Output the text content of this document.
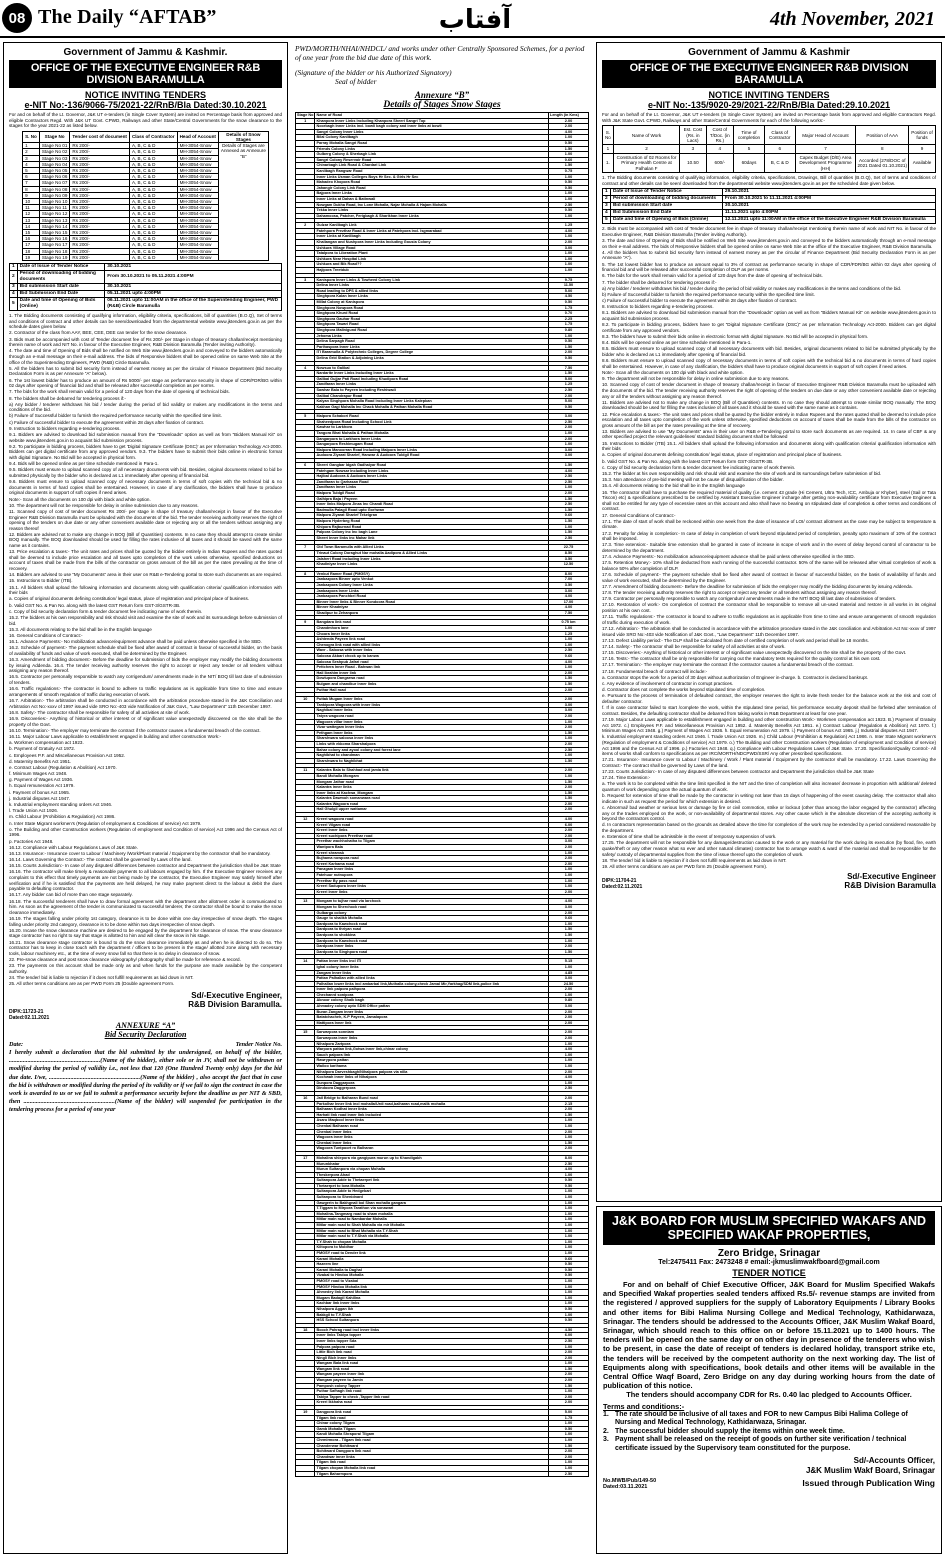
08 The Daily “AFTAB”	آفتاب	4th November, 2021
Government of Jammu & Kashmir.
OFFICE OF THE EXECUTIVE ENGINEER R&B DIVISION BARAMULLA
NOTICE INVITING TENDERS
e-NIT No:-136/9066-75/2021-22/RnB/Bla Dated:30.10.2021
For and on behalf of the Lt. Governor, J&K UT e-tenders (in Single Cover System) are invited on Percentage basis from approved and eligible Contractors Regd. With J&K UT Govt. CPWD, Railways and other State/Central Governments for the snow clearance to the stages for the year 2021-22 as listed below.
S. No	Stage No	Tender cost of document	Class of Contractor	Head of Account	Details of Snow Stages
1	Stage No 01	Rs 200/-	A, B, C & D	MH-3054-Snow	Details of Stages are Annexed as Annexure “B”
2	Stage No 02	Rs 200/-	A, B, C & D	MH-3054-Snow	
3	Stage No 03	Rs 200/-	A, B, C & D	MH-3054-Snow	
4	Stage No 04	Rs 200/-	A, B, C & D	MH-3054-Snow	
5	Stage No 05	Rs 200/-	A, B, C & D	MH-3054-Snow	
6	Stage No 06	Rs 200/-	A, B, C & D	MH-3054-Snow	
7	Stage No 07	Rs 200/-	A, B, C & D	MH-3054-Snow	
8	Stage No 08	Rs 200/-	A, B, C & D	MH-3054-Snow	
9	Stage No 09	Rs 200/-	A, B, C & D	MH-3054-Snow	
10	Stage No 10	Rs 200/-	A, B, C & D	MH-3054-Snow	
11	Stage No 11	Rs 200/-	A, B, C & D	MH-3054-Snow	
12	Stage No 12	Rs 200/-	A, B, C & D	MH-3054-Snow	
13	Stage No 13	Rs 200/-	A, B, C & D	MH-3054-Snow	
14	Stage No 14	Rs 200/-	A, B, C & D	MH-3054-Snow	
15	Stage No 15	Rs 200/-	A, B, C & D	MH-3054-Snow	
16	Stage No 16	Rs 200/-	A, B, C & D	MH-3054-Snow	
17	Stage No 17	Rs 200/-	A, B, C & D	MH-3054-Snow	
18	Stage No 18	Rs 200/-	A, B, C & D	MH-3054-Snow	
19	Stage No 19	Rs 200/-	A, B, C & D	MH-3054-Snow	
1	Date of Issue of Tender Notice	30.10.2021
2	Period of downloading of bidding documents	From 30.10.2021 to 05.11.2021 4:00PM
3	Bid submission Start date	30.10.2021
4	Bid Submission End Date	05.11.2021 upto 4:00PM
5	Date and time of Opening of Bids (Online)	06.11.2021 upto 11:00AM in the office of the Superintending Engineer, PWD (R&B) Circle Baramulla

1. The Bidding documents consisting of qualifying information, eligibility criteria, specifications, bill of quantities (B.O.Q), Set of terms and conditions of contract and other details can be seen/downloaded from the departmental website www.jktenders.gov.in as per the schedule dates given below.

2. Contractor of the class from AAY, BEE, CEE, DEE can tender for the snow clearance.

3. Bids must be accompanied with cost of Tender document fee of Rs 200/- per Stage in shape of treasury challan/receipt mentioning therein name of work and NIT No. in favour of the Executive Engineer, R&B Division Baramulla (Tender inviting Authority).

4. The date and time of Opening of Bids shall be notified on Web Site www.jktenders.gov.in and conveyed to the bidders automatically through an e-mail message on their e-mail address. The bids of Responsive bidders shall be opened online on same Web Site at the office of the Superintending Engineers, PWD (R&B) Circle Baramulla.

5. All the bidders has to submit bid security form instead of earnest money as per the circular of Finance Department (Bid Security Declaration Form is as per Annexure “A” below).

6. The 1st lowest bidder has to produce an amount of Rs 5000/- per stage as performance security in shape of CDR/FDR/BG within 02 days after opening of financial bid and shall be released after successful completion as per norms.

7. The bids for the work shall remain valid for a period of 120 days from the date of opening of technical bids.

8. The bidders shall be debarred for tendering process if:-

a) Any bidder / tenderer withdraws his bid / tender during the period of bid validity or makes any modifications in the terms and conditions of the bid.

b) Failure of Successful bidder to furnish the required performance security within the specified time limit.

c) Failure of successful bidder to execute the agreement within 28 days after fixation of contract.

9. Instruction to bidders regarding e-tendering process.

9.1. Bidders are advised to download bid submission manual from the “Downloads” option as well as from “Bidders Manual Kit” on website www.jktenders.gov.in to acquaint bid submission process.

9.2. To participate in bidding process, bidders have to get 'Digital Signature Certificate (DSC)' as per Information Technology Act-2000. Bidders can get digital certificate from any approved vendors. 9.3. The bidders have to submit their bids online in electronic format with digital Signature. No Bid will be accepted in physical form.

9.4. Bids will be opened online as per time schedule mentioned in Para-1.

9.5. Bidders must ensure to upload scanned copy of all necessary documents with bid. Besides, original documents related to bid be submitted physically by the bidder who is declared as L1 immediately after opening of financial bid.

9.6. Bidders must ensure to upload scanned copy of necessary documents in terms of soft copies with the technical bid & no documents in terms of hard copies shall be entertained. However, in case of any clarification, the bidders shall have to produce original documents in support of soft copies if need arises.

Note:- Scan all the documents on 100 dpi with black and white option.

10. The department will not be responsible for delay in online submission due to any reasons.

11. Scanned copy of cost of tender document Rs 200/- per stage in shape of treasury challan/receipt in favour of the Executive Engineer R&B Division Baramulla must be uploaded with the documents of the bid. The tender receiving authority reserves the right of opening of the tenders on due date or any other convenient available date or rejecting any or all the tenders without assigning any reason thereof

12. Bidders are advised not to make any change in BOQ (Bill of Quantities) contents. In no case they should attempt to create similar BOQ manually. The BOQ downloaded should be used for filling the rates inclusive of all taxes and it should be saved with the same name as it contains.

13. Price escalation & taxes:- The unit rates and prices shall be quoted by the bidder entirely in Indian Rupees and the rates quoted shall be deemed to include price escalation and all taxes upto completion of the work unless otherwise, specified deductions on account of taxes shall be made from the bills of the contractor on gross amount of the bill as per the rates prevailing at the time of recovery.

14. Bidders are advised to use “My Documents” area in their user on R&B e-Tendering portal to store such documents as are required.

15. Instructions to Bidder (ITB).

15.1. All bidders shall upload the following information and documents along with qualification criteria/ qualification information with their bids

a. Copies of original documents defining constitution/ legal status, place of registration and principal place of business.

b. Valid GST No. & Pan No. along with the latest GST Return form GST-3/GSTR-3B.

c. Copy of bid security declaration form & tender document fee indicating name of work therein.

15.2. The bidders at his own responsibility and risk should visit and examine the site of work and its surroundings before submission of bid.

15.3. All documents relating to the bid shall be in the English language

16. General Conditions of Contract:-

16.1. Advance Payments:- No mobilization advance/equipment advance shall be paid unless otherwise specified in the SBD.

16.2. Schedule of payment:- The payment schedule shall be fixed after award of contract in favour of successful bidder, on the basis of availability of funds and value of work executed, shall be determined by the Engineer.

16.3. Amendment of bidding document:- Before the deadline for submission of bids the employer may modify the bidding documents by issuing Addenda. 16.4. The tender receiving authority reserves the right to accept or reject any tender or all tenders without assigning any reason thereof.

16.5. Contractor per personally responsible to watch any corrigendum/ amendments made in the NIT/ BOQ till last date of submission of tenders.

16.6. Traffic regulations:- The contractor is bound to adhere to traffic regulations as is applicable from time to time and ensure arrangements of smooth regulation of traffic during execution of work.

16.7. Arbitration:- The arbitration shall be conducted in accordance with the arbitration procedure stated in the J&K Conciliation and Arbitration Act No:-xxxv of 1997 issued vide SRO No:-403 vide Notification of J&K Govt., “Law Department” 11th December 1997.

16.8. Safety:- The contractor shall be responsible for safety of all activities at site of work.

16.9. Discoveries:- Anything of historical or other interest or of significant value unexpectedly discovered on the site shall be the property of the Govt.

16.10. Termination:- The employer may terminate the contract if the contractor causes a fundamental breach of the contract.

16.11. Major Labour Laws applicable to establishment engaged in building and other construction Work:-

a. Workmen compensation act 1923.

b. Payment of Gratuity Act 1972.

c. Employees P.F. and Miscellaneous Provision Act 1952.

d. Maternity Benefits Act 1951.

e. Contract Labour (Regulation & Abolition) Act 1970.

f. Minimum Wages Act 1948.

g. Payment of Wages Act 1936.

h. Equal remuneration Act 1979.

i. Payment of bonus Act 1965.

j. Industrial disputes Act 1947.

k. Industrial employment standing orders Act 1946.

l. Trade Union Act 1926.

m. Child Labour (Prohibition & Regulation) Act 1986.

n. Inter State Migrant workmen's (Regulation of employment & Conditions of service) Act 1979.

o. The Building and other Construction workers (Regulation of employment and Condition of service) Act 1996 and the Census Act of 1996.

p. Factories Act 1948.

16.12. Compliance with Labour Regulations Laws of J&K State.

16.13. Insurance:- Insurance cover to Labour / Machinery /Work/Plant material / Equipment by the contractor shall be mandatory.

16.14. Laws Governing the Contract:- The contract shall be governed by Laws of the land.

16.15. Courts Jurisdiction:- In case of any disputes/ differences between contractor and Department the jurisdiction shall be J&K State

16.16. The contractor will make timely & reasonable payments to all labours engaged by him. If the Executive Engineer receives any complaint to this effect that timely payments are not being made by the contractor, the Executive Engineer may satisfy himself after verification and if he is satisfied that the payments are held delayed, he may make payment direct to the labour & debit the dues payable to defaulting contractor.

16.17. Any bidder can bid of more than one stage separately.

16.18. The successful tenderers shall have to draw formal agreement with the department after allotment order is communicated to him. As soon as the agreement of the tender is communicated to successful tenderer, the contractor shall be bound to make the snow clearance immediately.

16.19. The stages falling under priority 1st category, clearance is to be done within one day irrespective of snow depth. The stages falling under priority 2nd category, clearance is to be done within two days irrespective of snow depth.

16.20. Incase the snow clearance machine are desired to be engaged by the department for clearance of snow. The snow clearance stage contractor has no right to say that stage is allotted to him and will clear the snow in his stage.

16.21. Snow clearance stage contractor is bound to do the snow clearance immediately as and when he is directed to do so. The contractor has to keep in close touch with the department / officers to be present in the stage/ allotted zone along with necessary tools, labour machinery etc., at the time of every snow fall so that there is no delay in clearance of snow.

22. Pre-snow clearance and post snow clearance videography/ photography shall be made for reference & record.

23. The payments on this account shall be made only as and when funds for the purpose are made available by the competent authority.

24. The tender/ bid is liable to rejection if it does not fulfill requirements as laid down in NIT.

25. All other terms conditions are as per PWD Form 25 (Double agreement Form.

Sd/-Executive Engineer,
R&B Division Baramulla.
DIPK:11723-21
Dated:02.11.2021
ANNEXURE “A”
Bid Security Declaration
Date:	Tender Notice No.
I hereby submit a declaration that the bid submitted by the undersigned, on behalf of the bidder, ...........................................................(Name of the bidder), either sole or in JV, shall not be withdrawn or modified during the period of validity i.e., not less that 120 (One Hundred Twenty only) days for the bid due date. I/we, ...........................................................(Name of the bidder) , also accept the fact that in case the bid is withdrawn or modified during the period of its validity or if we fail to sign the contract in case the work is awarded to us or we fail to submit a performance security before the deadline as per NIT & SBD, then ...........................................................(Name of the bidder) will suspended for participation in the tendering process for a period of one year
PWD/MORTH/NHAI/NHDCL/ and works under other Centrally Sponsored Schemes, for a period of one year from the bid due date of this work.
(Signature of the bidder or his Authorized Signatory)
Seal of bidder
Annexure “B”
Details of Stages Snow Stages
Stage No	Name of Road	Length (in Kms)
1	Khanpora Inner Links Including Khanpora Sheeri Sangri Top	2.00
	Noorbagh Inner Links incl. bowli bagh colony and inner links at bowli	2.00
	Sangri Colony Inner Links	4.00
	Bilal Colony Kanlibagh	1.00
	Parray Mohalla Sangri Road	0.50
	Friends Colony Links	1.50
	Gulberg Colony & Sherbagh Link	1.00
	Sangri Colony Reservoir Road	0.60
	Chinarbagh Link Road & Chardari Link	1.50
	Kanlibagh Rangwar Road	0.75
	Inner Links Usman Colleges Boys Hr Sec. & Girls Hr Sec	1.00
	Mahadeo Khopora Road	0.50
	Jahangir Colony Link Road	0.50
	Bajpora Inner Links	1.00
	Inner Links at Dahan & Batinwali	1.00
	Nowgam Dukha Road, Inc Lone Mohalla, Najar Mohalla & Hajam Mohalla	2.50
	Tekka Inner Links	0.50
	Dahamoosa, Patcher, Ferigbagh & Sharikhan Inner Links	1.00

2	Gulzar Kanlibagh Link	1.25
	Fatehpora Prezthar Road & Inner Links at Fatehpora incl. Isgmarabad	4.00
	Inner Links at Kanlibagh	1.00
	Khaliangan and Nushpora Inner Links Including Gousia Colony	2.00
	Ushkura Village Road	3.00
	Tatalpora to Liberation Plant	1.00
	Ushkura Near Hospital Link	1.00
	Ushkura and Bik Road??	1.00
	Hajipora Treetdub	1.00

3	Kanispora Inner Links & Towheed Colony Link	9.75
	Delina Inner Links	11.50
	Road leading to DPS & allied links	5.00
	Singhpora Kalan Inner Links	4.50
	Millat Colony at Kanispora	0.50
	Singhpora Nowpora Road	1.75
	Singhpora Khurd Road	0.70
	Singhpora Gauhar Road	2.25
	Singhpora Tawari Road	1.75
	Singhpora Malinigund Road	0.80
	Jehoma Links	1.00
	Delina Sarpagh Road	0.50
	Parihaspora Inner Links	1.50
	ITI Baramulla & Polytechnic Colleges, Degree College	2.00
	Delina Grid Station & Adjoining Links	0.50

4	Nowsuo to Galibal	7.50
	Nardarite Inner Links Including Inner Links	1.50
	Galibal Gujjar Pati Road Including Khudipora Road	5.00
	Zandfaran Inner Links	1.25
	Sawhar Bala to Payeen Including Reshiwadi	2.50
	Galibal Chandrapur Road	2.00
	Kalyan Singhpora Mohalla Road Including Inner Links Kalepkan	5.00
	Kakhan Gagi Mohalla Inc Chack Mohalla & Pathan Mohalla Road	0.50

5	Malpora Schakori Road	3.00
	Shaheedpora Road Including School Link	2.50
	Kawhar to Larkhora	2.00
	Tangora Bhat Mohalla & Pathan Mohalla	1.00
	Dangarpora to Larkhora Inner Links	2.00
	Dangarpora Reshimugam Road	1.00
	Malpora Manoorran Road Including Malpora Inner Links	3.00
	Audoora Ziyarat Sharief, Hanwar & Audoora Tuldgil Road	3.00

6	Sheeri Gangbar Idgah Gadhaiyar Road	1.50
	Fatehgam Nowsar Including Inner Links	4.00
	Hajibal Audoora & Audoora Inner Links	2.50
	Zandfaran to Qarhasan Road	2.50
	Zandfaran Inner Links	1.00
	Malpora Tuldgil Road	2.00
	Galhipra Baja / Payeen	1.50
	Inner links Malpora Jinas Inc Chandi Road	2.50
	Badmulla Palagil Road upto Gorhwan	1.50
	Malpora Ziyarat Sharief Tekelgran	0.60
	Malpora Hyderbeg Road	1.50
	Khipora Rajburnad Road	1.00
	Palpora Colony inc Inc bagh Lane	1.50
	Sheeri Inner links inc Mahar link	2.50

7	Old Town Baramulla with Allied Links	22.75
	Trinaut Colony Doraghut Nar mohalla Aadipora & Allied Links	8.50
	Jalsheri Road including Inner Links	3.50
	Khadiniyar Inner Links	12.50

8	Venkut Ramer Road (PMGSY)	8.00
	Janbazpora Binner upto Venkut	7.00
	Janbazpora Colony Inner Links	3.50
	Janbazpora Inner Links	3.00
	Janbazpora Panchbel Road	4.00
	Binner Inner links & Binner Kondoora Road	17.00
	Binner Khadniyar	4.00
	Shadipur to Zehanpora	7.50

9	Bangdara link road	0.75 km
	Chandmhora lane	1.00
	Choora Inner links	1.25
	Ashtenda Payeen link road	1.00
	Chenogra link road with allied links	1.00
	Wavr - Saloosa with inner links	2.50
	Saloosa Akbari chock up to kanwa	0.60
	Saloosa Seshpub Jafari road	4.00
	Pettchera Inner Road - Bahwan link	1.00
	Hail Ibrahim inner link	2.00
	Dowlupora Dangarwa road	1.50
	Bulgam and chandkur inner links	1.50
	Puthar Hail road	2.00

10	Puttak Mugam Inner links	2.00
	Tankipora Wagoora with inner links	3.00
	Naghibai inner links	3.00
	Tatyra wagoora road	2.00
	Wagoora villar inner links	1.00
	Vizar wattegam inner links	2.00
	Pethgam Inner links	1.50
	Sharshwara saloosa inner links	1.00
	Links with ekkoma Sharshalpora	2.00
	Bahar colony and ayool colony and forest lane	2.50
	Naghibhat to chandman	1.00
	Sharshwara to Naghibhat	1.50

11	Kalantra Bala to Shahhad and jamia link	2.00
	Bandi Mohalla Mongam	1.00
	Mongam Jathar road	1.50
	Kalantra inner links	2.00
	Inner links at Kachwa_Mongam	1.50
	Kalantra Dawmoh somanwara road	1.50
	Kalantra Wagoora road	2.00
	Hail Ghulgil upper wattamar	2.00

12	Kreeri wagoora road	4.00
	Kreeri Vilgam road	6.00
	Kreeri Inner links	2.00
	Kreeri suchipora Preethar road	2.00
	Preethar wachhohatha to Tilgam	3.00
	Wantpora Bala	2.00
	Kreeri shramsk	1.00
	Bujhama nowpora road	2.00
	Kreeri Karhama road	2.00
	Panzgam Inner links	1.00
	Fatehuur nutnupora	1.00
	Preethar By pass road	1.00
	Kreeri Sadupora Inner links	1.00
	Kreeri Inner links	2.00

13	Mongam to tujhar road via larchock	4.00
	Mongam to Sherchock road	3.00
	Gulbarga colony	2.00
	Gauge to shalikh Mohalla	0.60
	Dardpora to Kawchock road	1.00
	Dardpora to thriyan road	1.50
	Dardpora to shokkina	1.50
	Dardpora to Kawchock road	1.00
	Dardpora Inner links	2.00
	Dardpora to Singhpora road	1.50

14	Pattan Inner links incl ITI	5.15
	Ighal colony inner links	1.00
	Zangam Inner links	4.85
	Pattan Palhallan with allied links	3.00
	Palhallan lower links incl ambarbal link,Muthalla colony,check Jamal Mir,Yarkhag/SDM link,police link	24.50
	Inner link palpora palhpora	2.00
	Chechanrd sonipora	1.00
	Aknoor colony Shalk bagh	0.80
	Ahmadey colony upto SDM Office pattan	3.00
	Buran Zangam inner links	2.00
	Batatchacheh, K.P Payeen, Jamalapora	2.00
	Mattipora Inner link	2.00

15	Sarwarpora sonniam	2.00
	Sarwarpora inner links	2.00
	Nihalpora Zartpora	1.00
	Warpora pattan link,Gotwa inner link,chinar colony	4.00
	Sauch palpora link	1.00
	Rawrypora pattan	1.00
	Wailoo karihama	1.00
	Nihalpora Darveshbagh/Nihalpora palpora via nilla	2.00
	Kochwah inner links of Nihalpora	4.00
	Dunpora Daggarpora	1.00
	Dindoora Daggerpora	2.50

16	Jail Bridge to Balharan Bund road	2.00
	Parkolhar Inner link incl mohalla/Urdi road,balharan road,malik mohalla	2.15
	Balharan Kodhat inner links	2.00
	Harhati link road inner link included	1.50
	Asaru Maqbool inner links	1.00
	Chenbal Balharan road	1.00
	Chenbal inner links	2.00
	Wagoora inner links	1.00
	Chenbal Inner links	1.50
	Wagoora Tuntpoort ro Balharan	2.00

17	Mohalina shiepora via gangipura murun up to Khandigabh	8.00
	Murunkhatar	2.50
	Murun Sultanpora via chopan Mohalla	4.00
	Theskerpora Ahad	1.00
	Sultanpora Adde to Thetaerpet link	0.50
	Thetaerpet to Iona Mohalla	0.50
	Sultanpora Adde to Hedgebarl	1.00
	Sultanpora to Shenidnard	1.00
	Gawgerin to Bakhgnali bol Shan mohalla gangara	1.00
	T.Tiggam to Mirpora Tarathon via sonawari	1.00
	Mohalina-Tangmarg road to sham mohalla	1.00
	Mitlar main road to Nambardar Mohalla	1.00
	Mitlar main road to Shah Mohalla via mir Mohalla	1.00
	Mitlar main road to Bhat Mohalla via T.Y.Shah	1.00
	Mitlar main road to T.Y.Shah via Mohalla	1.00
	T.Y.Shah to chopan Mohalla	1.00
	Kiltopora to Moldhar	1.00
	PMGSY road to Dender link	1.00
	Karani Mohalla	0.60
	Hazeem line	0.50
	Karani Mohalla to Daghal	0.50
	Vizabal to Hindoo Mohalla	0.50
	PMGSY road to Vizabal	1.00
	PMGSY Hindoo Mohalla link	1.00
	Ahmedey link Karani Mohalla	1.00
	Mugam Badagil Kahilina	1.00
	Kachbar link inner links	1.00
	Nihalpora Aggan Ikh	0.50
	Bakkgil to T.Y.Shah	1.00
	HSS School Sultanpora	0.50

18	Booch Pahrag road incl inner links	4.50
	Inner links Tabiya topper	6.00
	Inner links topper Sda	2.50
	Palpora palpora road	1.00
	Little Bich link road	2.00
	Ningli Bich Inner links	2.00
	Wangam Bala link road	1.00
	Wangam link road	1.50
	Wangam payeen inner link	2.00
	Wangam payeen to Jamin	2.00
	Pamposh colony Tapper	1.50
	Puthar Safhagh link road	1.00
	Tabiya Tapper to check ,Tapper link road	2.00
	Kreeri Ikkhaha road	2.00

19	Dangpora link road	5.00
	Tilgam link road	1.75
	Chinar colony Tilgam	1.00
	Gamb Mohalla Tilgam	0.50
	Kandi Mohalla Shrapora/ Tilgam	1.00
	Chrmirmora - Tilgam link road	1.00
	Chanderwar Bohitward	1.50
	Bohitward Dangpora link road	2.00
	Chandwar inner links	2.00
	Tilgam link road	1.00
	Tilgam chopan Mohalla link road	1.00
	Tilgam Baharmpora	2.50
Government of Jammu & Kashmir
OFFICE OF THE EXECUTIVE ENGINEER R&B DIVISION BARAMULLA
NOTICE INVITING TENDERS
e-NIT No:-135/9020-29/2021-22/RnB/Bla Dated:29.10.2021
For and on behalf of the Lt. Governor, J&K UT e-tenders (In Single Cover System) are invited on Percentage basis from approved and eligible Contractors Regd. With J&K State Govt. CPWD, Railways and other State/Central Governments for each of the following works:-
S. No	Name of Work	Est. Cost (Rs. in Lacs)	Cost of T/Doc. (in Rs.)	Time of completion	Class of Contractor	Major Head of Account	Position of AAA	Position of funds
1	2	3	4	5	6	7	8	9
1.	Construction of 02 Rooms for Primary Health Centre at Palhalan F	10.50	600/-	60days	B, C & D	Capex Budget (D/E) Area Development Programme (HH)	Accorded (278/DOC of 2021 Dated 01.10.2021)	Available
1. The Bidding documents consisting of qualifying information, eligibility criteria, specifications, Drawings, Bill of quantities (B.O.Q), Set of terms and conditions of contract and other details can be seen/ downloaded from the departmental website www.jktenders.gov.in as per the scheduled date given below.
1	Date of Issue of Tender Notice	29.10.2021
2	Period of downloading of bidding documents	From 30.10.2021 to 11.11.2021 4:00PM
3	Bid submission Start date	30.10.2021
4	Bid Submission End Date	11.11.2021 upto 4:00PM
5	Date and time of Opening of Bids (Online)	12.11.2021 upto 11:00AM in the office of the Executive Engineer R&B Division Baramulla

2. Bids must be accompanied with cost of Tender document fee in shape of treasury challan/receipt mentioning therein name of work and NIT No. in favour of the Executive Engineer, R&B Division Baramulla (Tender inviting Authority).

3. The date and time of Opening of Bids shall be notified on Web Site www.jktenders.gov.in and conveyed to the bidders automatically through an e-mail message on their e-mail address. The bids of Responsive bidders shall be opened online on same Web Site at the office of the Executive Engineer, R&B Division Baramulla.

4. All the bidders has to submit bid security form instead of earnest money as per the circular of Finance Department (Bid Security Declaration Form is as per Annexure “A”).

5. The 1st lowest bidder has to produce an amount equal to 3% of contract as performance security in shape of CDR/FDR/BG within 02 days after opening of financial bid and will be released after successful completion of DLP as per norms.

6. The bids for the work shall remain valid for a period of 120 days from the date of opening of technical bids.

7. The bidder shall be debarred for tendering process if:-

a) Any bidder / tenderer withdraws his bid / tender during the period of bid validity or makes any modifications in the terms and conditions of the bid.

b) Failure of Successful bidder to furnish the required performance security within the specified time limit.

c) Failure of successful bidder to execute the agreement within 28 days after fixation of contract.

8. Instruction to bidders regarding e-tendering process.

8.1. Bidders are advised to download bid submission manual from the “Downloads” option as well as from “Bidders Manual Kit” on website www.jktenders.gov.in to acquaint bid submission process.

8.2. To participate in bidding process, bidders have to get “Digital Signature Certificate (DSC)” as per Information Technology Act-2000. Bidders can get digital certificate from any approved vendors.

8.3. The bidders have to submit their bids online in electronic format with digital Signature. No Bid will be accepted in physical form.

8.4. Bids will be opened online as per time schedule mentioned in Para-1.

8.5. Bidders must ensure to upload scanned copy of all necessary documents with bid. Besides, original documents related to bid be submitted physically by the bidder who is declared as L1 immediately after opening of financial bid.

8.6. Bidders must ensure to upload scanned copy of necessary documents in terms of soft copies with the technical bid & no documents in terms of hard copies shall be entertained. However, in case of any clarification, the bidders shall have to produce original documents in support of soft copies if need arises.

Note:- Scan all the documents on 100 dpi with black and white option.

9. The department will not be responsible for delay in online submission due to any reasons.

10. Scanned copy of cost of tender document in shape of treasury challan/receipt in favour of Executive Engineer R&B Division Baramulla must be uploaded with the documents of the bid. The tender receiving authority reserves the right of opening of the tenders on due date or any other convenient available date or rejecting any or all the tenders without assigning any reason thereof.

11. Bidders are advised not to make any change in BOQ (Bill of Quantities) contents. In no case they should attempt to create similar BOQ manually. The BOQ downloaded should be used for filling the rates inclusive of all taxes and it should be saved with the same name as it contains.

12. Price escalation & taxes:- The unit rates and prices shall be quoted by the bidder entirely in Indian Rupees and the rates quoted shall be deemed to include price escalation and all taxes upto completion of the work unless otherwise, specified deductions on account of taxes shall be made from the bills of the contractor on gross amount of the bill as per the rates prevailing at the time of recovery.

13. Bidders are advised to use “My Documents” area in their user on R&B e-Tendering portal to store such documents as are required. 14. In case of CBF & any other specified project the relevant guidelines/ standard bidding document shall be followed

15. Instructions to Bidder (ITB) 15.1. All bidders shall upload the following information and documents along with qualification criteria/ qualification information with their bids

a. Copies of original documents defining constitution/ legal status, place of registration and principal place of business.

b. Valid GST No. & Pan No. along with the latest GST Return form GST-3/GSTR-3B.

c. Copy of bid security declaration form & tender document fee indicating name of work therein.

15.2. The bidder at his own responsibility and risk should visit and examine the site of work and its surroundings before submission of bid.

15.3. Non attendance of pre-bid meeting will not be cause of disqualification of the bidder.

15.4. All documents relating to the bid shall be in the English language

16. The contractor shall have to purchase the required material of quality (i.e. cement 43 grade (Hi Cement, Ultra Tech, ICC, Ambuja or Khyber), steel (Sail or Tata Tiscon) etc) & specifications prescribed to be certified by Assistant Executive Engineer incharge after getting non-availability certificate from Executive Engineer & shall not be entitled for any type of excessive rates on this account and also shall have no bearing on stipulated date of completion & other terms and conditions of contract.

17. General Conditions of Contract:-

17.1. The date of start of work shall be reckoned within one week from the date of issuance of LOI/ contract allotment as the case may be subject to temperature & climate.

17.2. Penalty for delay in completion:- In case of delay in completion of work beyond stipulated period of completion, penalty upto maximum of 10% of the contract shall be imposed.

17.3. Time extension:- Suitable time extension shall be granted in case of increase in scope of work and in the event of delay beyond control of contractor to be determined by the department.

17.4. Advance Payments:- No mobilization advance/equipment advance shall be paid unless otherwise specified in the SBD.

17.5. Retention Money:- 10% shall be deducted from each running of the successful contractor. 50% of the same will be released after virtual completion of work & balance 50% after completion of DLP.

17.6. Schedule of payment:- The payment schedule shall be fixed after award of contract in favour of successful bidder, on the basis of availability of funds and value of work executed, shall be determined by the Engineer.

17.7. Amendment of bidding document:- Before the deadline for submission of bids the employer may modify the bidding documents by issuing Addenda.

17.8. The tender receiving authority reserves the right to accept or reject any tender or all tenders without assigning any reason thereof.

17.9. Contractor per personally responsible to watch any corrigendum/ amendments made in the NIT/ BOQ till last date of submission of tenders.

17.10. Restoration of work:- On completion of contract the contractor shall be responsible to remove all un-used material and restore in all works in its original position at his own cost.

17.11. Traffic regulations:- The contractor is bound to adhere to traffic regulations as is applicable from time to time and ensure arrangements of smooth regulation of traffic during execution of work.

17.12. Arbitration:- The arbitration shall be conducted in accordance with the arbitration procedure stated in the J&K conciliation and Arbitration Act No:-xxxv of 1997 issued vide SRO No:-403 vide Notification of J&K Govt., “Law Department” 11th December 1997.

17.13. Defect Liability period:- The DLP shall be Calculated from date of certified completion of work and period shall be 18 months.

17.14. Safety:- The contractor shall be responsible for safety of all activities at site of work.

17.15. Discoveries:- Anything of historical or other interest or of significant value unexpectedly discovered on the site shall be the property of the Govt.

17.16. Tests:- The contractor shall be only responsible for carrying out the mandatory tests required for the quality control at his own cost.

17.17. Termination:- The employer may terminate the contract if the contractor causes a fundamental breach of the contract.

17.18. Fundamental breach of contract will include:-

a. Contractor stops the work for a period of 30 days without authorization of Engineer in-charge. b. Contractor is declared bankrupt.

c. Any evidence of involvement of contractor in corrupt practices.

d. Contractor does not complete the works beyond stipulated time of completion.

e. Pursuant to the process of termination of defaulted contract, the employer reserves the right to invite fresh tender for the balance work at the risk and cost of defaulter contractor.

f. If in case contractor failed to start /complete the work, within the stipulated time period, his performance security deposit shall be forfeited after termination of contract. Besides, the defaulting contractor shall be debarred from taking works in R&B Department at least for one year.

17.19. Major Labour Laws applicable to establishment engaged in building and other construction Work:- Workmen compensation act 1923. B.) Payment of Gratuity Act 1972. c.) Employees P.F. and Miscellaneous Provision Act 1952. d. Maternity Benefits Act 1951. e.) Contract Labour (Regulation & Abolition) Act 1970. f.) Minimum Wages Act 1948. g.) Payment of Wages Act 1936. h. Equal remuneration Act 1979. i.) Payment of bonus Act 1965. j.) Industrial disputes Act 1947.

k. Industrial employment standing orders Act 1946. l. Trade Union Act 1926. m.) Child Labour (Prohibition & Regulation) Act 1986. n. Inter State Migrant workmen's (Regulation of employment & Conditions of service) Act 1979. o.) The Building and other Construction workers (Regulation of employment and Condition of service) Act 1996 and the Census Act of 1996. p.) Factories Act 1948. q.) Compliance with Labour Regulations Laws of J&K State. 17.20. Specification/Quality Control:- All items of works shall conform to specifications as per IRC/MORTH/NDCPWD/SSR/ Any other prescribed specifications.

17.21. Insurance:- Insurance cover to Labour / Machinery / Work / Plant material / Equipment by the contractor shall be mandatory. 17.22. Laws Governing the Contract:- The contract shall be governed by Laws of the land.

17.23. Courts Jurisdiction:- In case of any disputes/ differences between contractor and Department the jurisdiction shall be J&K State

17.24. Time Extension:-

a. The work is to be completed within the time limit specified in the NIT and the time of completion will also increase/ decrease in proportion with additional/ deleted quantum of work depending upon the actual quantum of work.

b. Request for extension of time shall be made by the contractor in writing not later than 15 days of happening of the event causing delay. The contractor shall also indicate in such as request the period for which extension is desired.

c. Abnormal/ bad weather or serious loss or damage by fire or civil commotion, strike or lockout (other than among the labor engaged by the contractor) affecting any or the trades employed on the work, or non-availability of departmental stores. Any other cause which in the absolute discretion of the accepting authority is beyond the contractors control.

d. In contractors representation based on the grounds as detailed above the time for completion of the work may be extended by a period considered reasonable by the department.

e. Extension of time shall be admissible in the event of temporary suspension of work.

17.25. The department will not be responsible for any damage/destruction caused to the work or any material for the work during its execution (by flood, fire, earth quake/theft or any other reason what so ever and other natural climates) contractor has to arrange watch & ward of the material and shall be responsible for the safety/ custody of departmental supplies from the time of issue thereof upto the completion of work.

18. The tender/ bid is liable to rejection if it does not fulfill requirements as laid down in NIT.

19. All other terms conditions are as per PWD form 25 (Double agreement Form).

DIPK:11704-21
Dated:02.11.2021
Sd/-Executive Engineer
R&B Division Baramulla
J&K BOARD FOR MUSLIM SPECIFIED WAKAFS AND SPECIFIED WAKAF PROPERTIES,
Zero Bridge, Srinagar
Tel:2475411 Fax: 2473248 # email:-jkmuslimwakfboard@gmail.com
TENDER NOTICE
For and on behalf of Chief Executive Officer, J&K Board for Muslim Specified Wakafs and Specified Wakaf properties sealed tenders affixed Rs.5/- revenue stamps are invited from the registered / approved suppliers for the supply of Laboratory Equipments / Library Books and other items for Bibi Halima Nursing College and Medical Technology, Kathidarwaza, Srinagar. The tenders should be addressed to the Accounts Officer, J&K Muslim Wakaf Board, Srinagar, which should reach to this office on or before 15.11.2021 up to 1400 hours. The tenders will be opened on the same day or on other day in presence of the tenderers who wish to be present, in case the date of receipt of tenders is declared holiday, transport strike etc, the tenders will be received by the competent authority on the next working day. The list of Equipments along with specifications, book details and other items will be available in the Central Office Waqf Board, Zero Bridge on any day during working hours from the date of publication of this notice.
The tenders should accompany CDR for Rs. 0.40 lac pledged to Accounts Officer.
Terms and conditions:-
1. The rate should be inclusive of all taxes and FOR to new Campus Bibi Halima College of Nursing and Medical Technology, Kathidarwaza, Srinagar.
2. The successful bidder should supply the items within one week time.
3. Payment shall be released on the receipt of goods on further site verification / technical certificate issued by the Supervisory team constituted for the purpose.
Sd/-Accounts Officer,
J&K Muslim Wakf Board, Srinagar
No.MWB/Pub/149-50
Dated:03.11.2021	Issued through Publication Wing
